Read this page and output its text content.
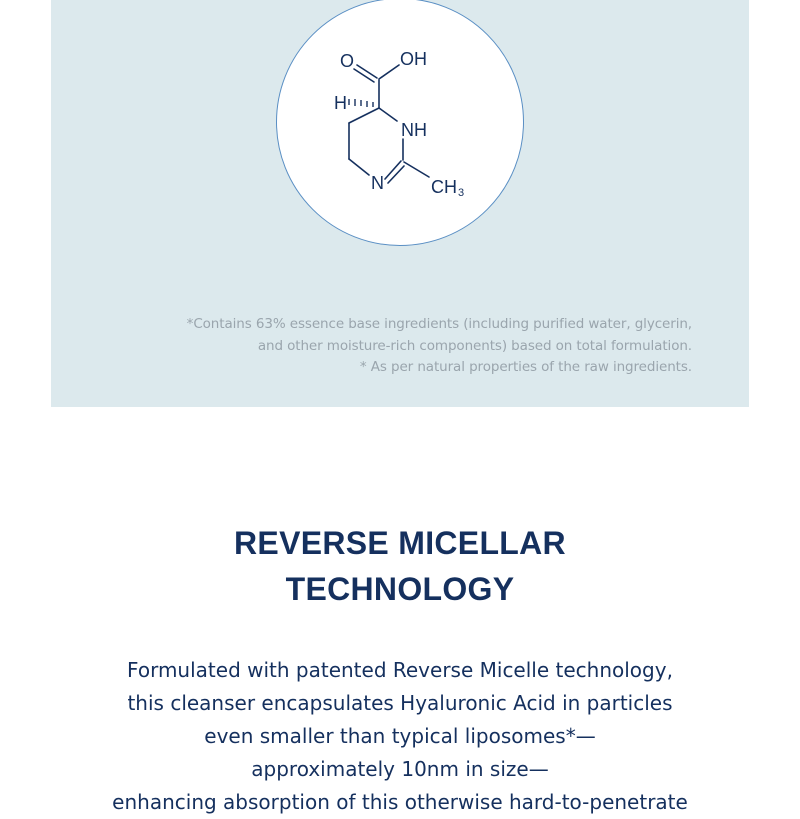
O	OH
H
NH
N	CH 3
*Contains 63% essence base ingredients (including purified water, glycerin,
and other moisture-rich components) based on total formulation.
* As per natural properties of the raw ingredients.
REVERSE MICELLAR
TECHNOLOGY
Formulated with patented Reverse Micelle technology,
this cleanser encapsulates Hyaluronic Acid in particles
even smaller than typical liposomes*—
approximately 10nm in size—
enhancing absorption of this otherwise hard-to-penetrate
